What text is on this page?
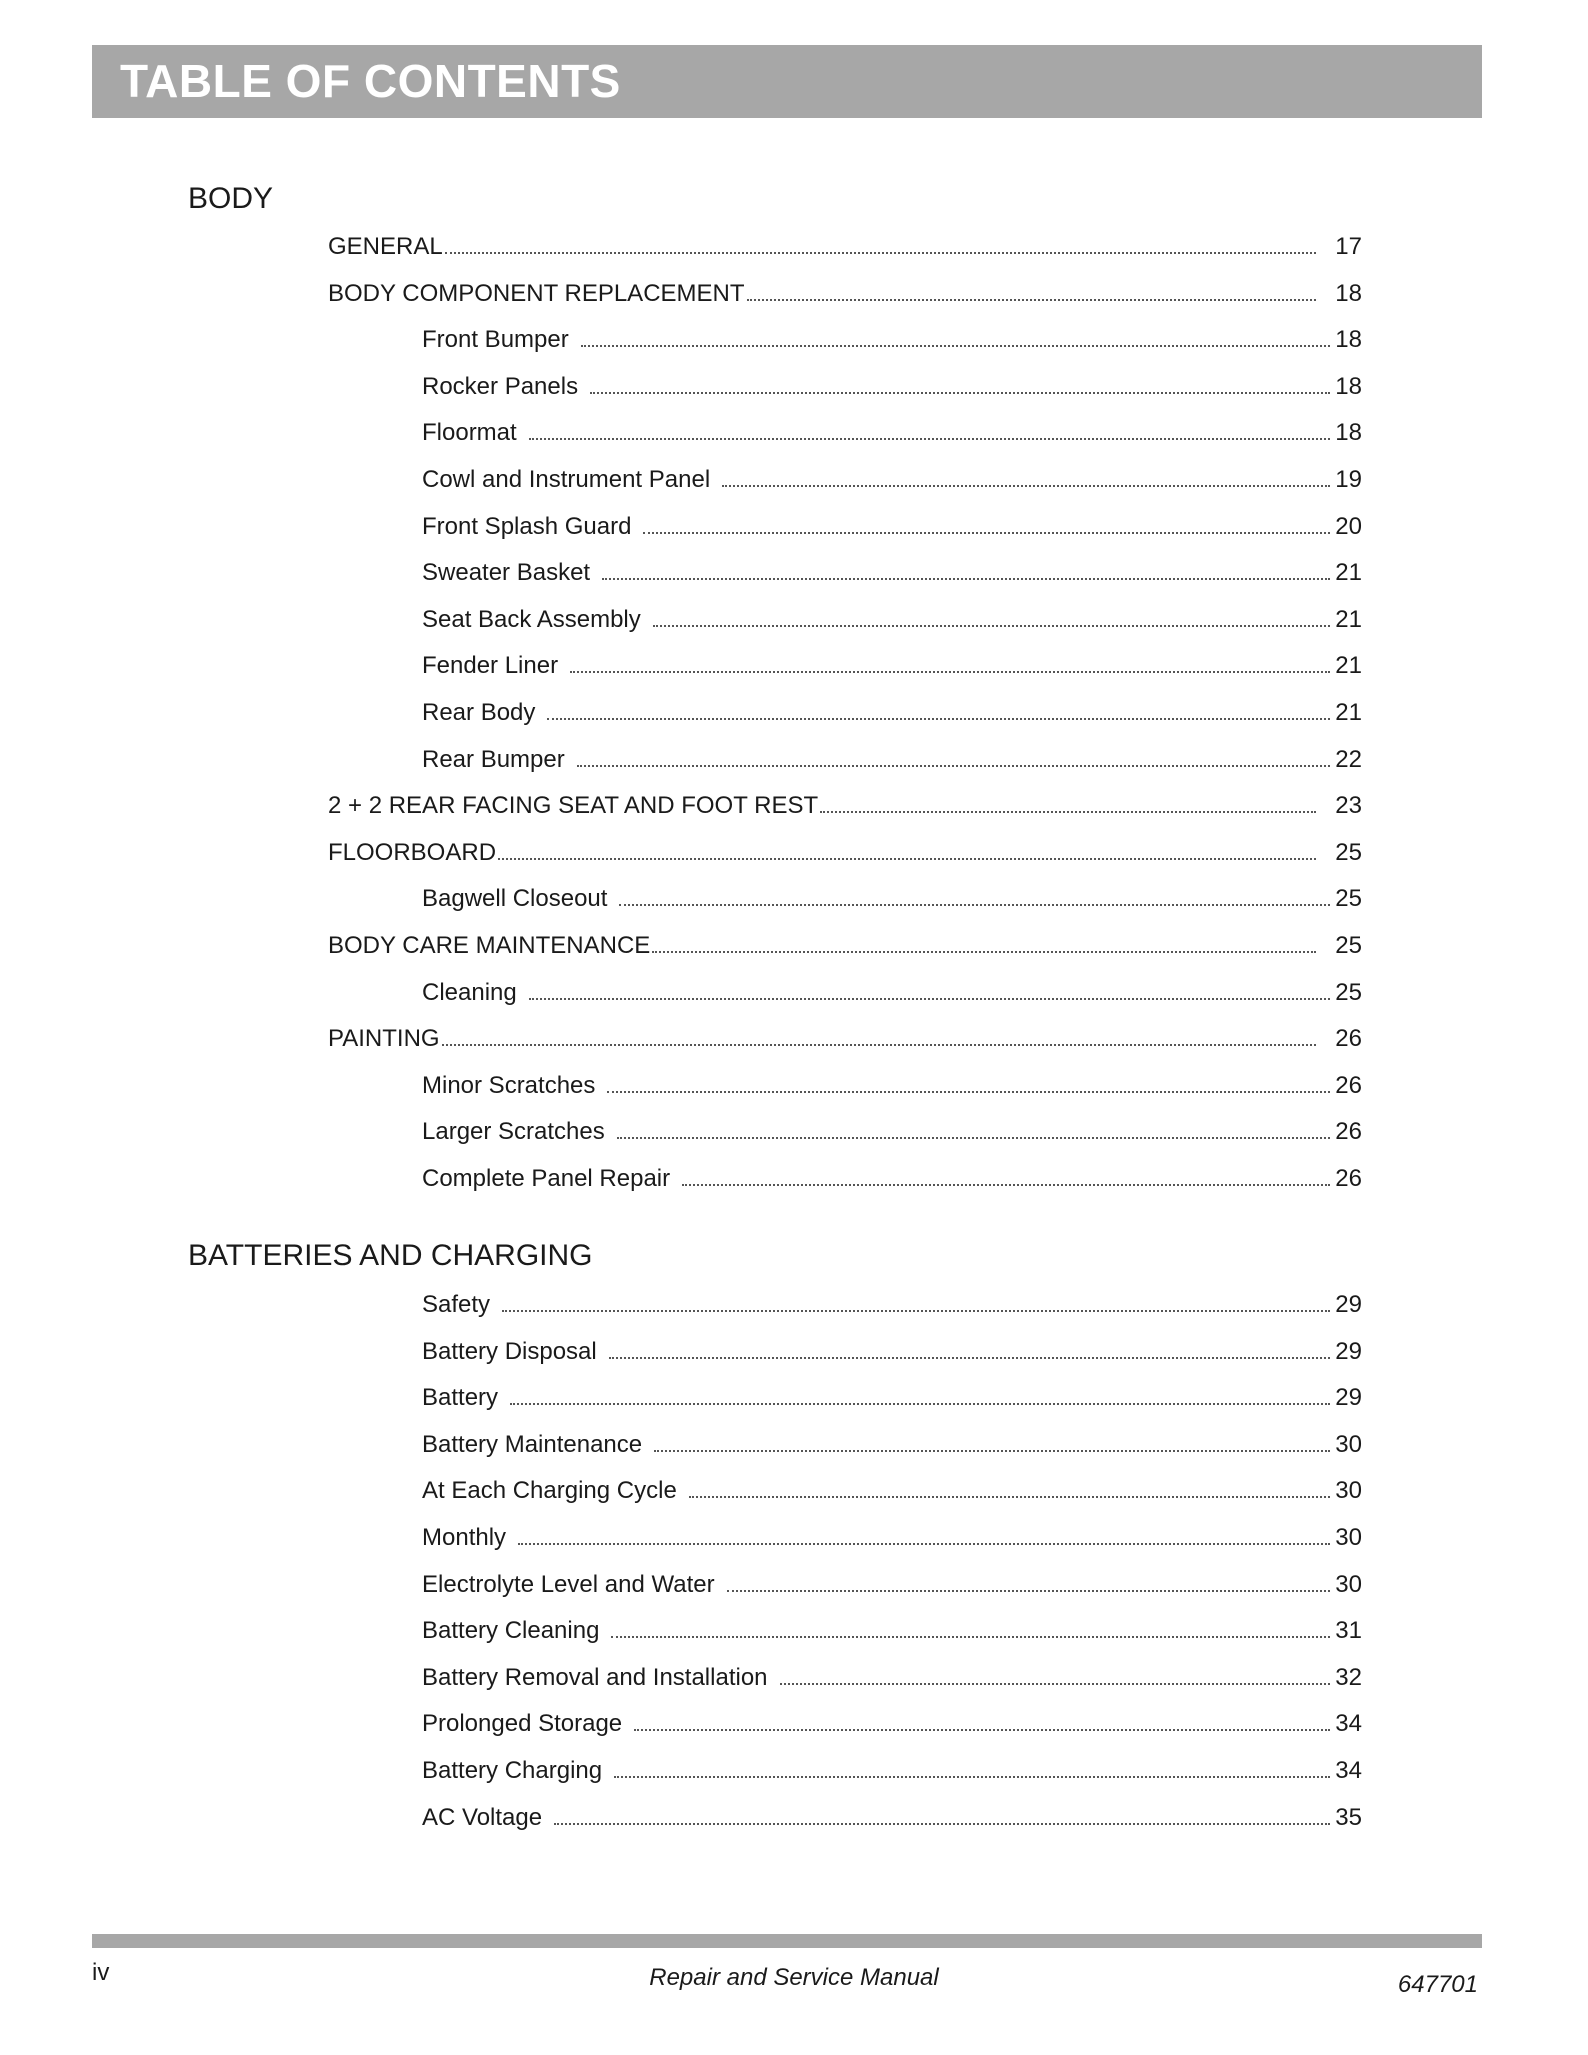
TABLE OF CONTENTS
BODY
GENERAL	17
BODY COMPONENT REPLACEMENT	18
Front Bumper	18
Rocker Panels	18
Floormat	18
Cowl and Instrument Panel	19
Front Splash Guard	20
Sweater Basket	21
Seat Back Assembly	21
Fender Liner	21
Rear Body	21
Rear Bumper	22
2 + 2 REAR FACING SEAT AND FOOT REST	23
FLOORBOARD	25
Bagwell Closeout	25
BODY CARE MAINTENANCE	25
Cleaning	25
PAINTING	26
Minor Scratches	26
Larger Scratches	26
Complete Panel Repair	26
BATTERIES AND CHARGING
Safety	29
Battery Disposal	29
Battery	29
Battery Maintenance	30
At Each Charging Cycle	30
Monthly	30
Electrolyte Level and Water	30
Battery Cleaning	31
Battery Removal and Installation	32
Prolonged Storage	34
Battery Charging	34
AC Voltage	35
iv	Repair and Service Manual	647701
